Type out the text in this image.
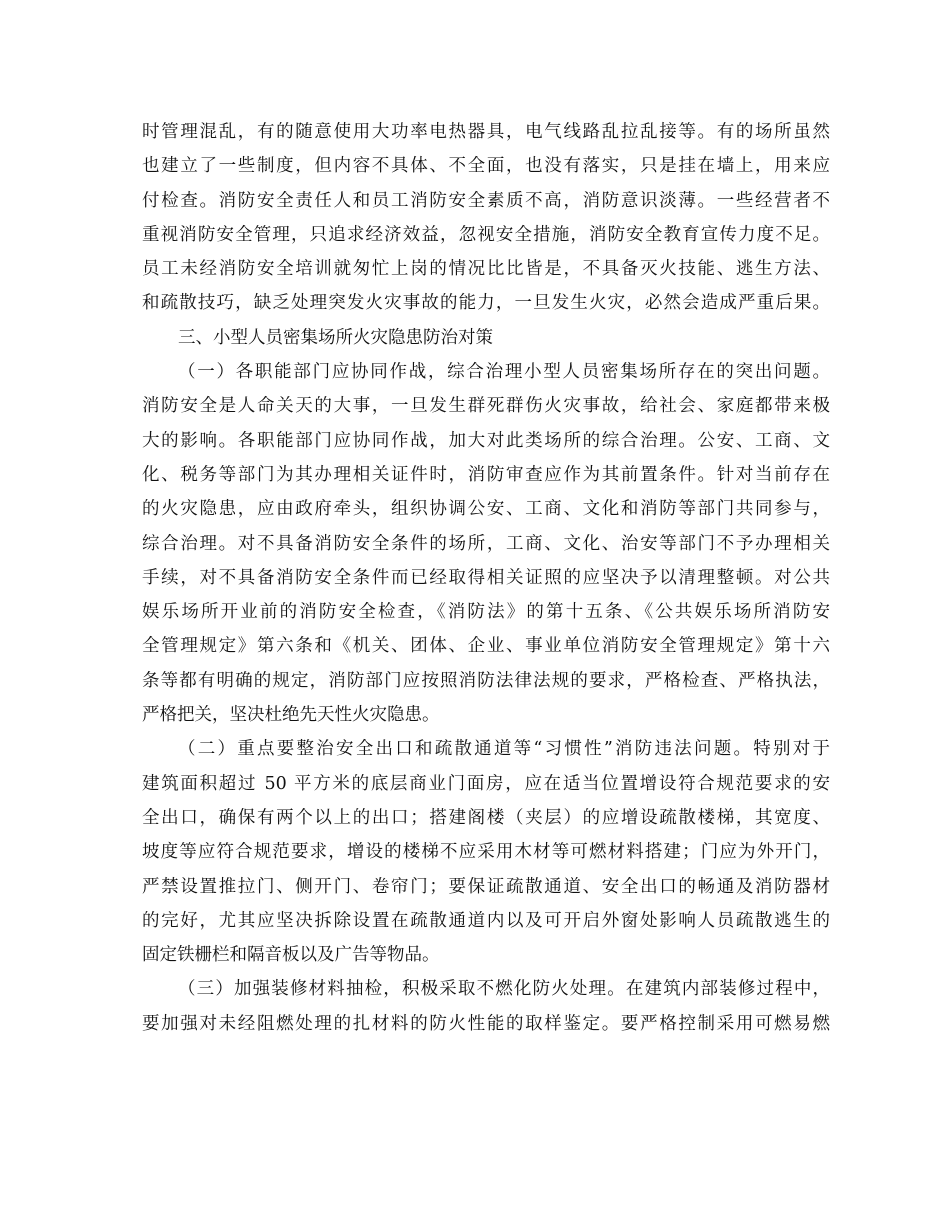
时管理混乱，有的随意使用大功率电热器具，电气线路乱拉乱接等。有的场所虽然
也建立了一些制度，但内容不具体、不全面，也没有落实，只是挂在墙上，用来应
付检查。消防安全责任人和员工消防安全素质不高，消防意识淡薄。一些经营者不
重视消防安全管理，只追求经济效益，忽视安全措施，消防安全教育宣传力度不足。
员工未经消防安全培训就匆忙上岗的情况比比皆是，不具备灭火技能、逃生方法、
和疏散技巧，缺乏处理突发火灾事故的能力，一旦发生火灾，必然会造成严重后果。
三、小型人员密集场所火灾隐患防治对策
（一）各职能部门应协同作战，综合治理小型人员密集场所存在的突出问题。
消防安全是人命关天的大事，一旦发生群死群伤火灾事故，给社会、家庭都带来极
大的影响。各职能部门应协同作战，加大对此类场所的综合治理。公安、工商、文
化、税务等部门为其办理相关证件时，消防审查应作为其前置条件。针对当前存在
的火灾隐患，应由政府牵头，组织协调公安、工商、文化和消防等部门共同参与，
综合治理。对不具备消防安全条件的场所，工商、文化、治安等部门不予办理相关
手续，对不具备消防安全条件而已经取得相关证照的应坚决予以清理整顿。对公共
娱乐场所开业前的消防安全检查，《消防法》的第十五条、《公共娱乐场所消防安
全管理规定》第六条和《机关、团体、企业、事业单位消防安全管理规定》第十六
条等都有明确的规定，消防部门应按照消防法律法规的要求，严格检查、严格执法，
严格把关，坚决杜绝先天性火灾隐患。
（二）重点要整治安全出口和疏散通道等“习惯性”消防违法问题。特别对于
建筑面积超过 50 平方米的底层商业门面房，应在适当位置增设符合规范要求的安
全出口，确保有两个以上的出口；搭建阁楼（夹层）的应增设疏散楼梯，其宽度、
坡度等应符合规范要求，增设的楼梯不应采用木材等可燃材料搭建；门应为外开门，
严禁设置推拉门、侧开门、卷帘门；要保证疏散通道、安全出口的畅通及消防器材
的完好，尤其应坚决拆除设置在疏散通道内以及可开启外窗处影响人员疏散逃生的
固定铁栅栏和隔音板以及广告等物品。
（三）加强装修材料抽检，积极采取不燃化防火处理。在建筑内部装修过程中，
要加强对未经阻燃处理的扎材料的防火性能的取样鉴定。要严格控制采用可燃易燃
